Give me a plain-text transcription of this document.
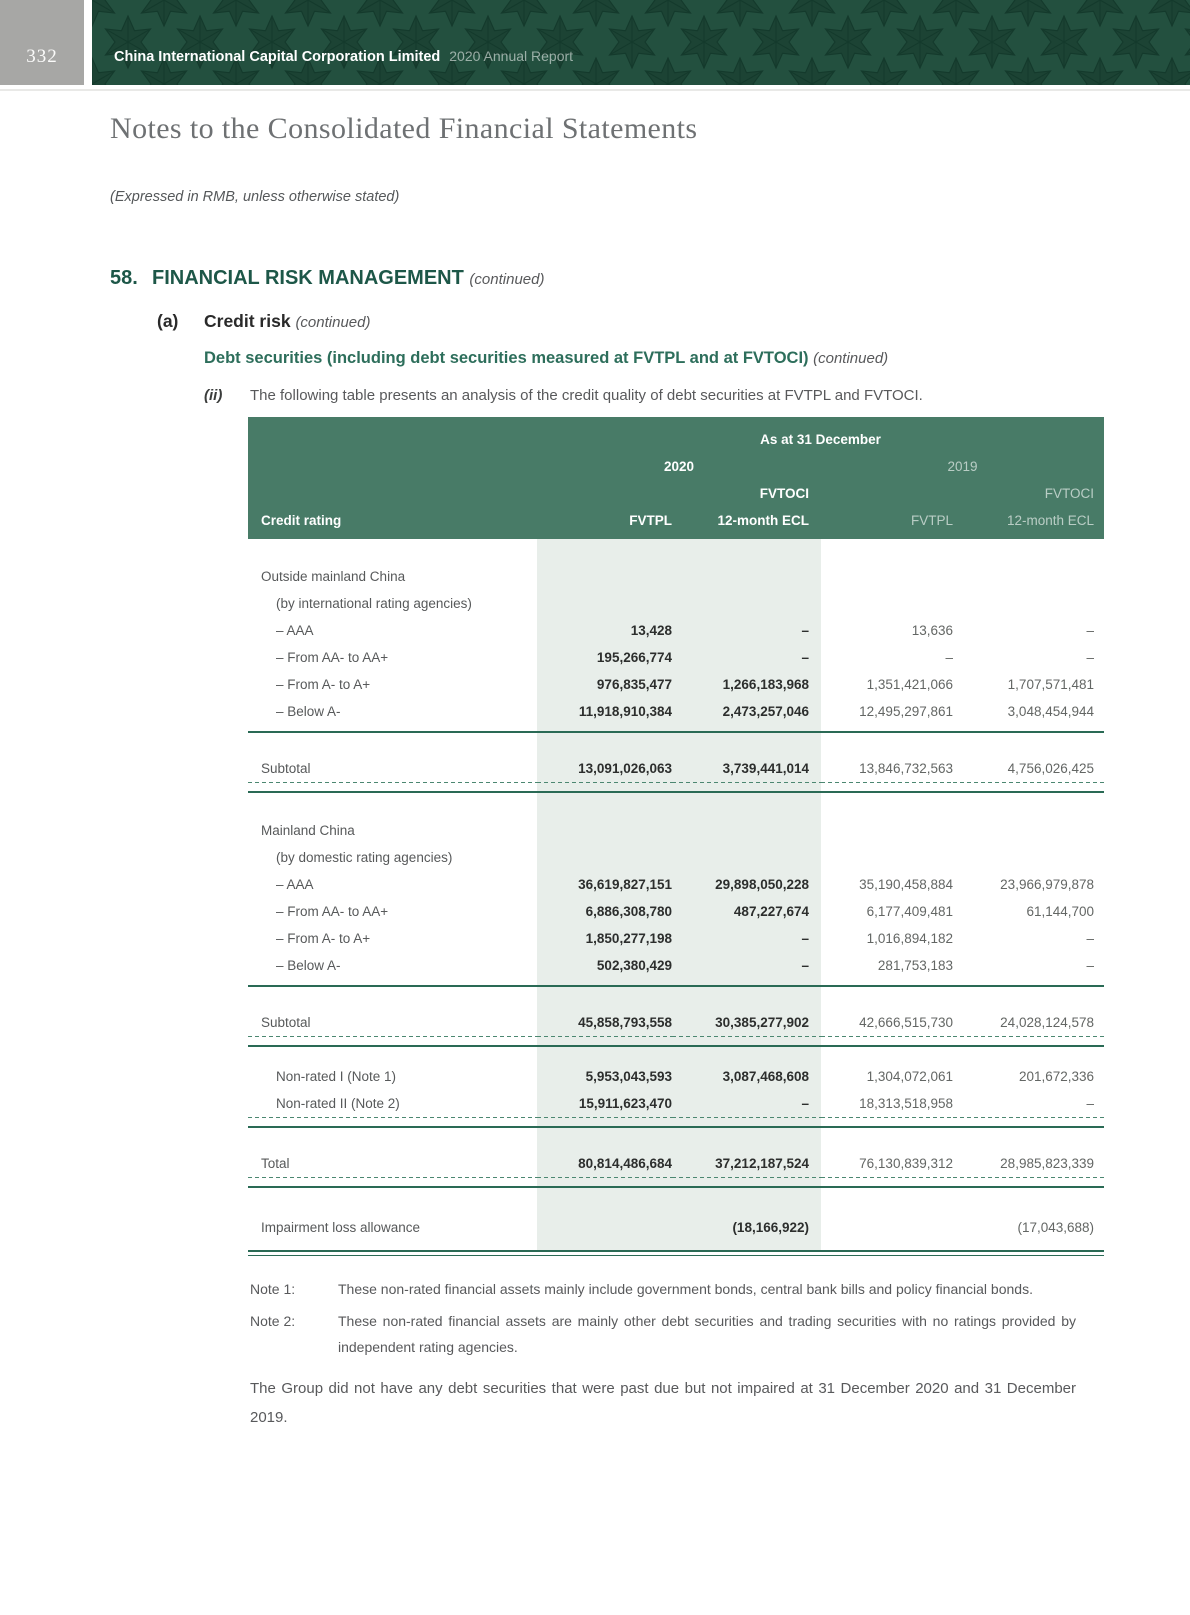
332	China International Capital Corporation Limited 2020 Annual Report
Notes to the Consolidated Financial Statements

(Expressed in RMB, unless otherwise stated)

58. FINANCIAL RISK MANAGEMENT (continued)
(a) Credit risk (continued)
Debt securities (including debt securities measured at FVTPL and at FVTOCI) (continued)
(ii)	The following table presents an analysis of the credit quality of debt securities at FVTPL and FVTOCI.
	As at 31 December			
	2020		2019	
		FVTOCI		FVTOCI
Credit rating	FVTPL	12-month ECL	FVTPL	12-month ECL
Outside mainland China				
(by international rating agencies)				
– AAA	13,428	–	13,636	–
– From AA- to AA+	195,266,774	–	–	–
– From A- to A+	976,835,477	1,266,183,968	1,351,421,066	1,707,571,481
– Below A-	11,918,910,384	2,473,257,046	12,495,297,861	3,048,454,944
Subtotal	13,091,026,063	3,739,441,014	13,846,732,563	4,756,026,425
Mainland China				
(by domestic rating agencies)				
– AAA	36,619,827,151	29,898,050,228	35,190,458,884	23,966,979,878
– From AA- to AA+	6,886,308,780	487,227,674	6,177,409,481	61,144,700
– From A- to A+	1,850,277,198	–	1,016,894,182	–
– Below A-	502,380,429	–	281,753,183	–
Subtotal	45,858,793,558	30,385,277,902	42,666,515,730	24,028,124,578
Non-rated I (Note 1)	5,953,043,593	3,087,468,608	1,304,072,061	201,672,336
Non-rated II (Note 2)	15,911,623,470	–	18,313,518,958	–
Total	80,814,486,684	37,212,187,524	76,130,839,312	28,985,823,339
Impairment loss allowance		(18,166,922)		(17,043,688)
Note 1:	These non-rated financial assets mainly include government bonds, central bank bills and policy financial bonds.
Note 2:	These non-rated financial assets are mainly other debt securities and trading securities with no ratings provided by independent rating agencies.

The Group did not have any debt securities that were past due but not impaired at 31 December 2020 and 31 December 2019.
